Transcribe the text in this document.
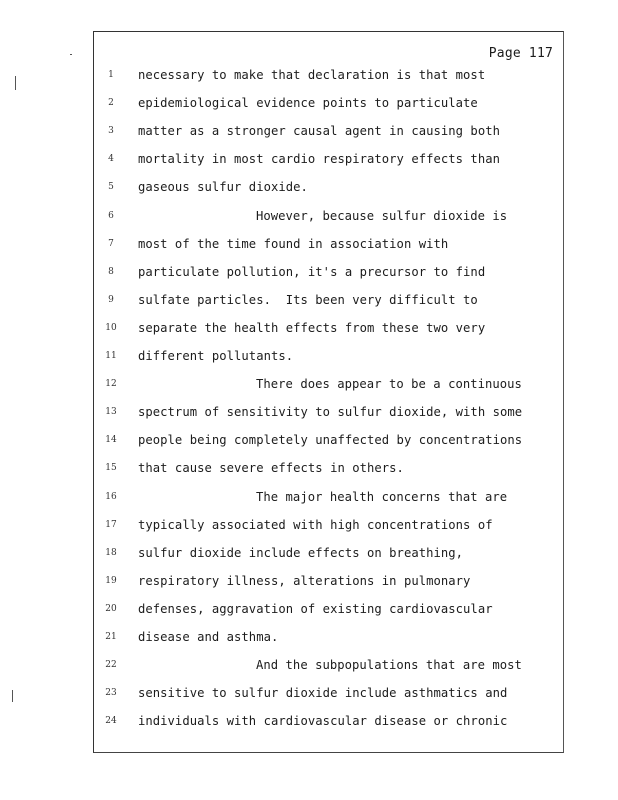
Page 117
1	necessary to make that declaration is that most
2	epidemiological evidence points to particulate
3	matter as a stronger causal agent in causing both
4	mortality in most cardio respiratory effects than
5	gaseous sulfur dioxide.
6	However, because sulfur dioxide is
7	most of the time found in association with
8	particulate pollution, it's a precursor to find
9	sulfate particles.  Its been very difficult to
10	separate the health effects from these two very
11	different pollutants.
12	There does appear to be a continuous
13	spectrum of sensitivity to sulfur dioxide, with some
14	people being completely unaffected by concentrations
15	that cause severe effects in others.
16	The major health concerns that are
17	typically associated with high concentrations of
18	sulfur dioxide include effects on breathing,
19	respiratory illness, alterations in pulmonary
20	defenses, aggravation of existing cardiovascular
21	disease and asthma.
22	And the subpopulations that are most
23	sensitive to sulfur dioxide include asthmatics and
24	individuals with cardiovascular disease or chronic
